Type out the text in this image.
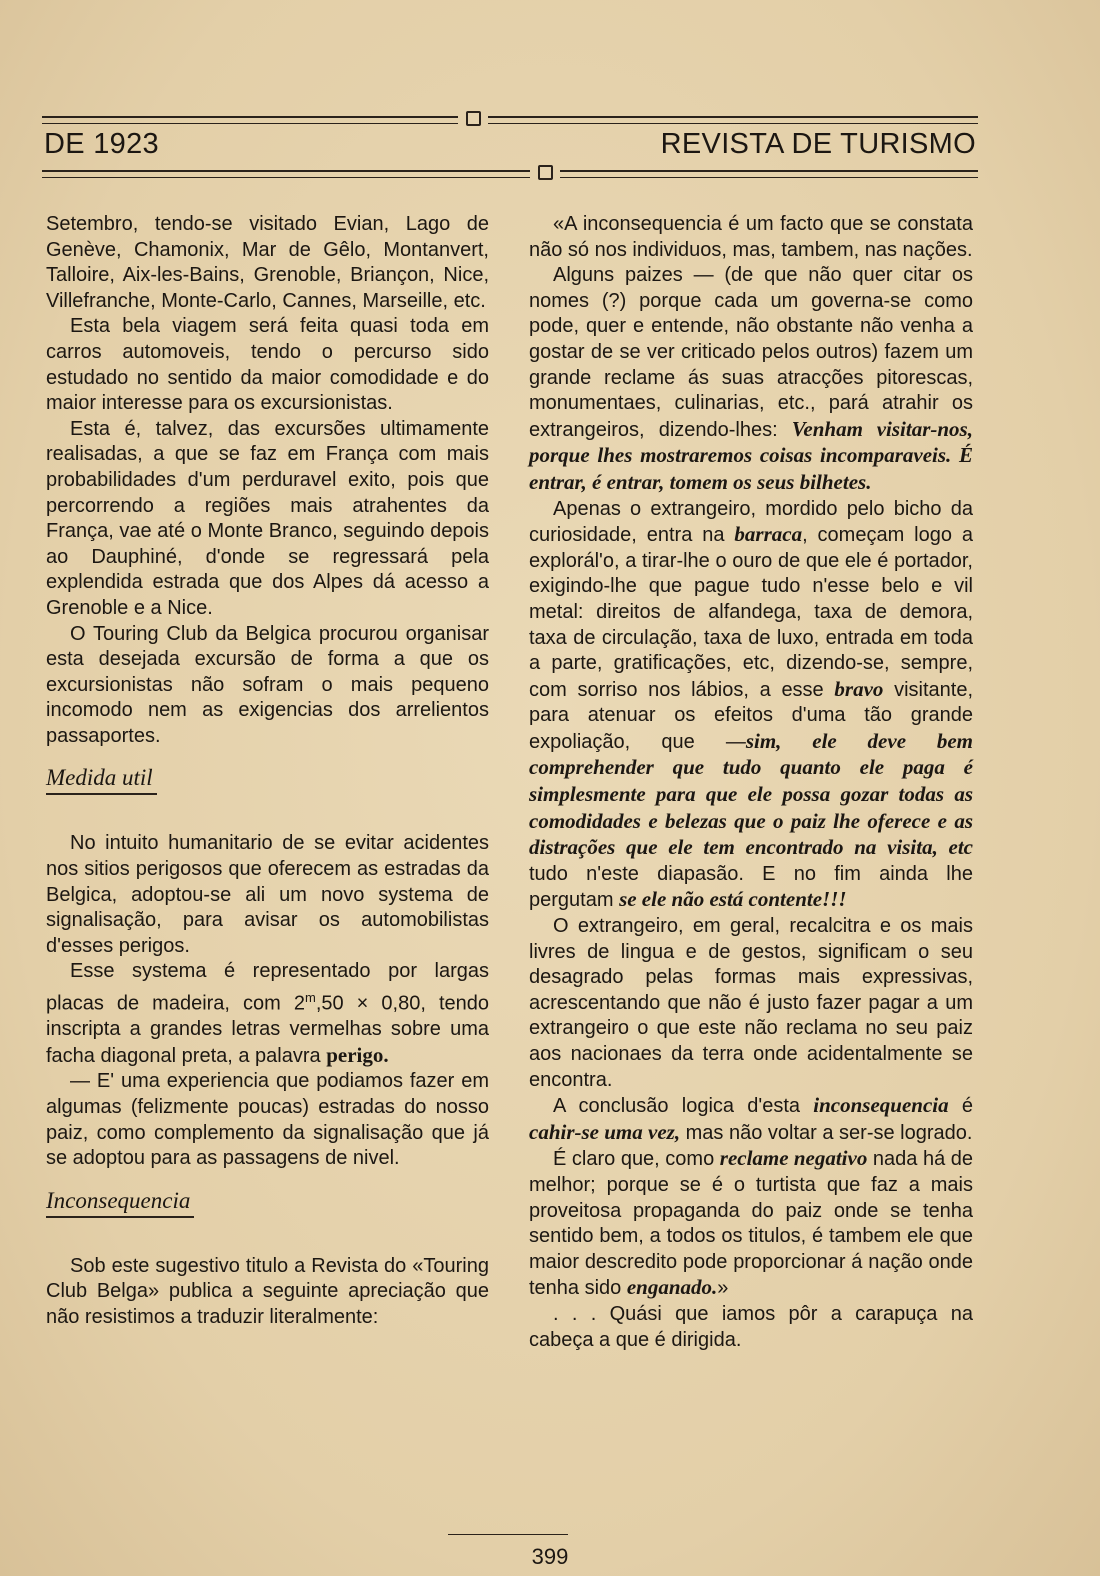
DE 1923	REVISTA DE TURISMO

Setembro, tendo-se visitado Evian, Lago de Genève, Chamonix, Mar de Gêlo, Montanvert, Talloire, Aix-les-Bains, Grenoble, Briançon, Nice, Villefranche, Monte-Carlo, Cannes, Marseille, etc.

Esta bela viagem será feita quasi toda em carros automoveis, tendo o percurso sido estudado no sentido da maior comodidade e do maior interesse para os excursionistas.

Esta é, talvez, das excursões ultimamente realisadas, a que se faz em França com mais probabilidades d'um perduravel exito, pois que percorrendo a regiões mais atrahentes da França, vae até o Monte Branco, seguindo depois ao Dauphiné, d'onde se regressará pela explendida estrada que dos Alpes dá acesso a Grenoble e a Nice.

O Touring Club da Belgica procurou organisar esta desejada excursão de forma a que os excursionistas não sofram o mais pequeno incomodo nem as exigencias dos arrelientos passaportes.

Medida util

No intuito humanitario de se evitar acidentes nos sitios perigosos que oferecem as estradas da Belgica, adoptou-se ali um novo systema de signalisação, para avisar os automobilistas d'esses perigos.

Esse systema é representado por largas placas de madeira, com $2^m,50 \times 0,80$, tendo inscripta a grandes letras vermelhas sobre uma facha diagonal preta, a palavra perigo.

— E' uma experiencia que podiamos fazer em algumas (felizmente poucas) estradas do nosso paiz, como complemento da signalisação que já se adoptou para as passagens de nivel.

Inconsequencia

Sob este sugestivo titulo a Revista do «Touring Club Belga» publica a seguinte apreciação que não resistimos a traduzir literalmente:

«A inconsequencia é um facto que se constata não só nos individuos, mas, tambem, nas nações.

Alguns paizes — (de que não quer citar os nomes (?) porque cada um governa-se como pode, quer e entende, não obstante não venha a gostar de se ver criticado pelos outros) fazem um grande reclame ás suas atracções pitorescas, monumentaes, culinarias, etc., pará atrahir os extrangeiros, dizendo-lhes: Venham visitar-nos, porque lhes mostraremos coisas incomparaveis. É entrar, é entrar, tomem os seus bilhetes.

Apenas o extrangeiro, mordido pelo bicho da curiosidade, entra na barraca, começam logo a explorál'o, a tirar-lhe o ouro de que ele é portador, exigindo-lhe que pague tudo n'esse belo e vil metal: direitos de alfandega, taxa de demora, taxa de circulação, taxa de luxo, entrada em toda a parte, gratificações, etc, dizendo-se, sempre, com sorriso nos lábios, a esse bravo visitante, para atenuar os efeitos d'uma tão grande expoliação, que —sim, ele deve bem comprehender que tudo quanto ele paga é simplesmente para que ele possa gozar todas as comodidades e belezas que o paiz lhe oferece e as distrações que ele tem encontrado na visita, etc tudo n'este diapasão. E no fim ainda lhe pergutam se ele não está contente!!!

O extrangeiro, em geral, recalcitra e os mais livres de lingua e de gestos, significam o seu desagrado pelas formas mais expressivas, acrescentando que não é justo fazer pagar a um extrangeiro o que este não reclama no seu paiz aos nacionaes da terra onde acidentalmente se encontra.

A conclusão logica d'esta inconsequencia é cahir-se uma vez, mas não voltar a ser-se logrado.

É claro que, como reclame negativo nada há de melhor; porque se é o turtista que faz a mais proveitosa propaganda do paiz onde se tenha sentido bem, a todos os titulos, é tambem ele que maior descredito pode proporcionar á nação onde tenha sido enganado.»

. . . Quási que iamos pôr a carapuça na cabeça a que é dirigida.

399
